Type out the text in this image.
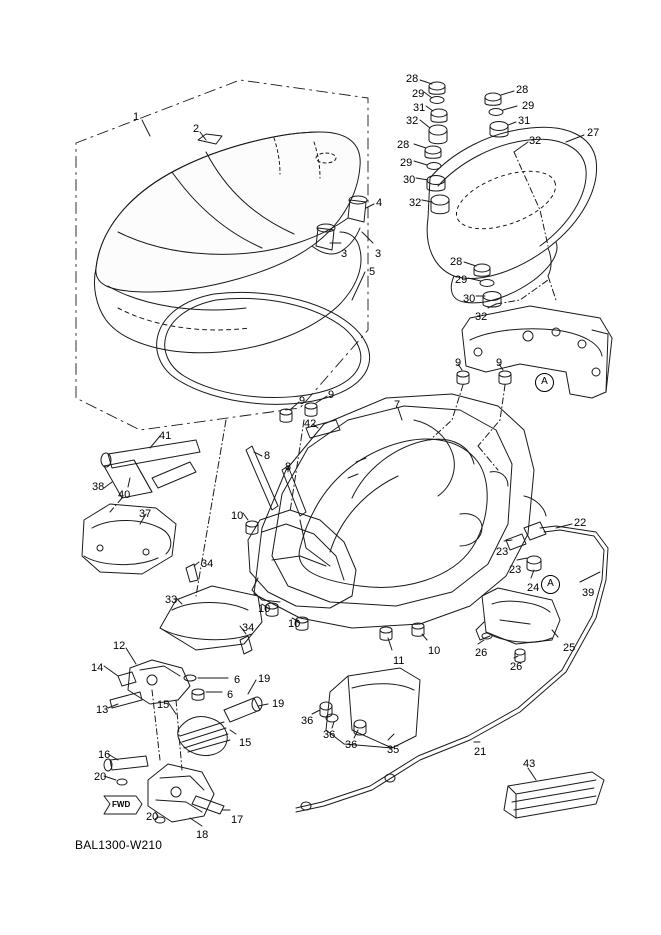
A
A
FWD
BAL1300-W210
1
2
4
3	3
5
28
29
31
32
28
29
30
32
28
29
31
32
27
28
29
30
32
9	9
7
9
9
42
8
8
41
38
40
37	10
34
33
34
10
10
11
10
22
23
23
24	39
25
26
26
12
14
13	15
6
6
19
19
15
16
20
20
18
17
36
36
36	35	21
43
